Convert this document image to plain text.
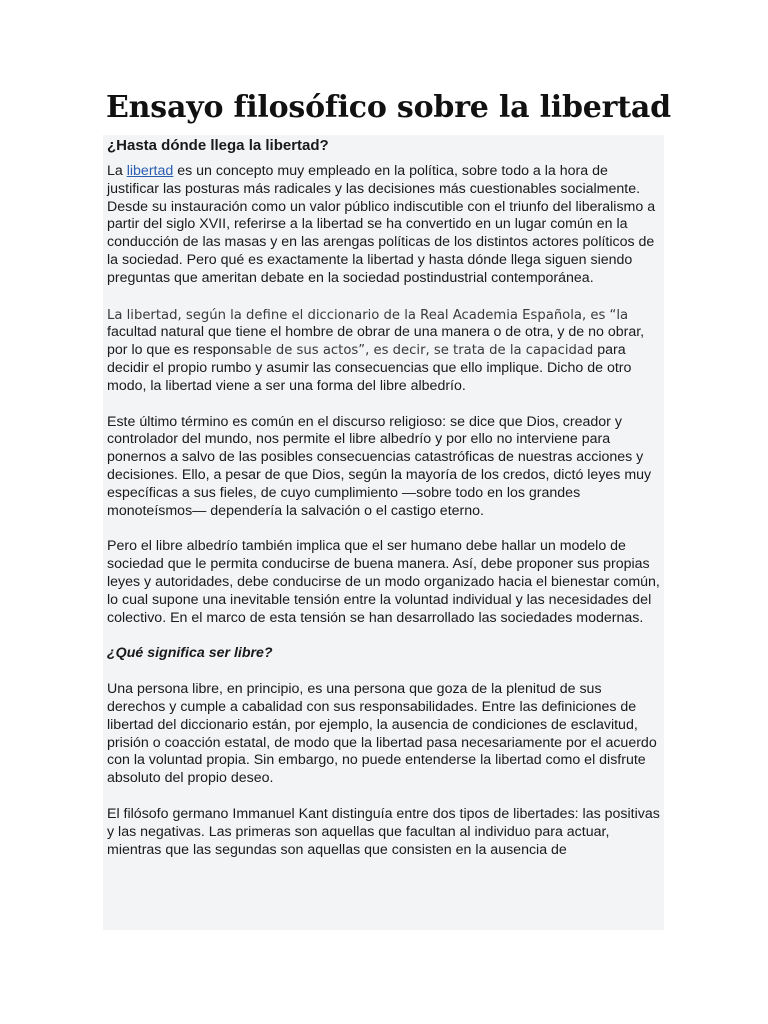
Ensayo filosófico sobre la libertad

¿Hasta dónde llega la libertad?

La libertad es un concepto muy empleado en la política, sobre todo a la hora de justificar las posturas más radicales y las decisiones más cuestionables socialmente. Desde su instauración como un valor público indiscutible con el triunfo del liberalismo a partir del siglo XVII, referirse a la libertad se ha convertido en un lugar común en la conducción de las masas y en las arengas políticas de los distintos actores políticos de la sociedad. Pero qué es exactamente la libertad y hasta dónde llega siguen siendo preguntas que ameritan debate en la sociedad postindustrial contemporánea.

La libertad, según la define el diccionario de la Real Academia Española, es “la facultad natural que tiene el hombre de obrar de una manera o de otra, y de no obrar, por lo que es responsable de sus actos”, es decir, se trata de la capacidad para decidir el propio rumbo y asumir las consecuencias que ello implique. Dicho de otro modo, la libertad viene a ser una forma del libre albedrío.

Este último término es común en el discurso religioso: se dice que Dios, creador y controlador del mundo, nos permite el libre albedrío y por ello no interviene para ponernos a salvo de las posibles consecuencias catastróficas de nuestras acciones y decisiones. Ello, a pesar de que Dios, según la mayoría de los credos, dictó leyes muy específicas a sus fieles, de cuyo cumplimiento —sobre todo en los grandes monoteísmos— dependería la salvación o el castigo eterno.

Pero el libre albedrío también implica que el ser humano debe hallar un modelo de sociedad que le permita conducirse de buena manera. Así, debe proponer sus propias leyes y autoridades, debe conducirse de un modo organizado hacia el bienestar común, lo cual supone una inevitable tensión entre la voluntad individual y las necesidades del colectivo. En el marco de esta tensión se han desarrollado las sociedades modernas.

¿Qué significa ser libre?

Una persona libre, en principio, es una persona que goza de la plenitud de sus derechos y cumple a cabalidad con sus responsabilidades. Entre las definiciones de libertad del diccionario están, por ejemplo, la ausencia de condiciones de esclavitud, prisión o coacción estatal, de modo que la libertad pasa necesariamente por el acuerdo con la voluntad propia. Sin embargo, no puede entenderse la libertad como el disfrute absoluto del propio deseo.

El filósofo germano Immanuel Kant distinguía entre dos tipos de libertades: las positivas y las negativas. Las primeras son aquellas que facultan al individuo para actuar, mientras que las segundas son aquellas que consisten en la ausencia de
